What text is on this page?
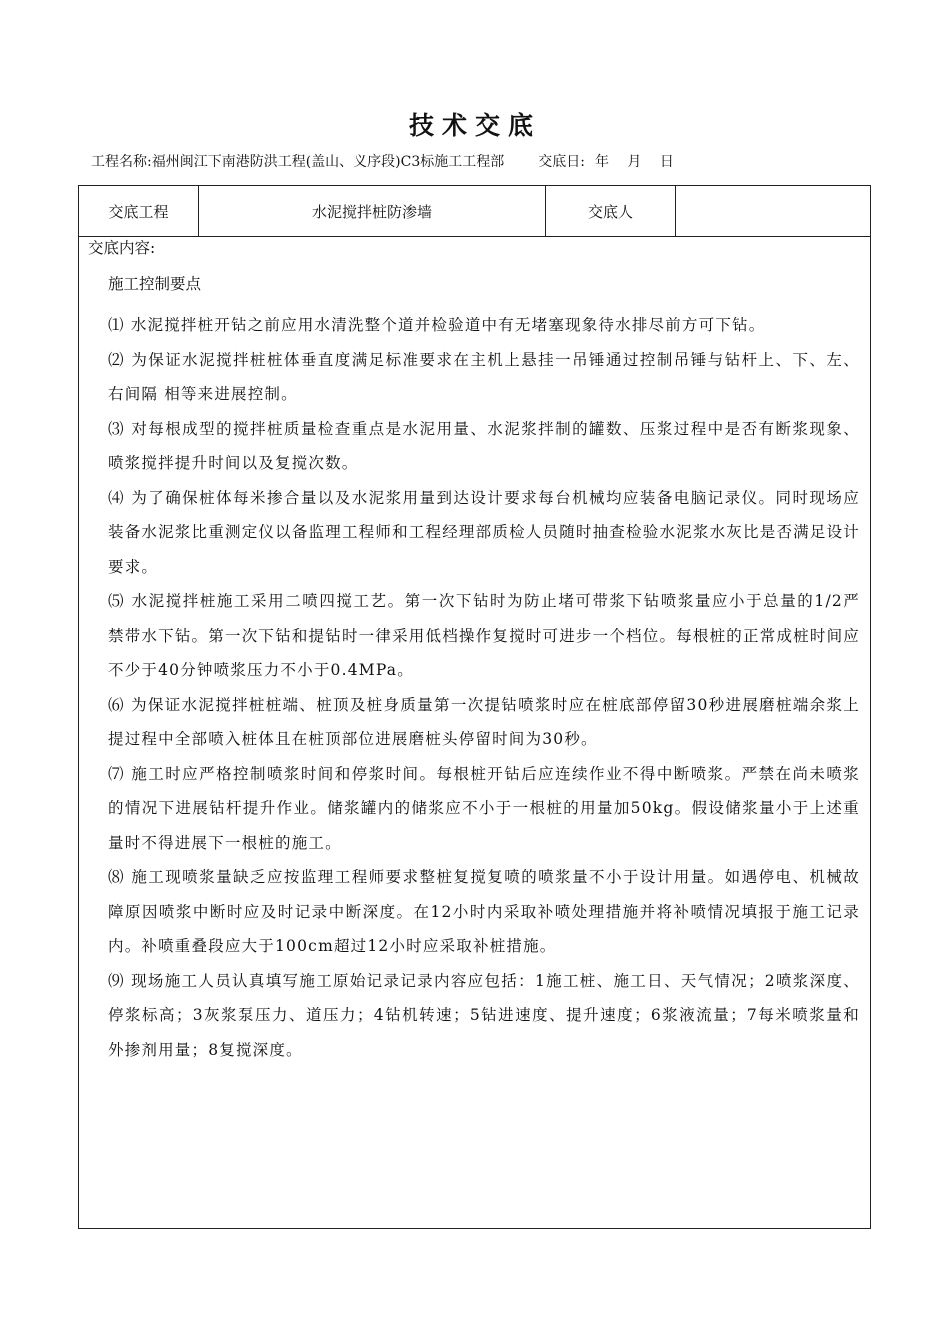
技术交底
工程名称:福州闽江下南港防洪工程(盖山、义序段)C3标施工工程部 交底日: 年 月 日
交底工程	水泥搅拌桩防渗墙	交底人
交底内容:
施工控制要点

⑴ 水泥搅拌桩开钻之前应用水清洗整个道并检验道中有无堵塞现象待水排尽前方可下钻。

⑵ 为保证水泥搅拌桩桩体垂直度满足标准要求在主机上悬挂一吊锤通过控制吊锤与钻杆上、下、左、右间隔 相等来进展控制。

⑶ 对每根成型的搅拌桩质量检查重点是水泥用量、水泥浆拌制的罐数、压浆过程中是否有断浆现象、喷浆搅拌提升时间以及复搅次数。

⑷ 为了确保桩体每米掺合量以及水泥浆用量到达设计要求每台机械均应装备电脑记录仪。同时现场应装备水泥浆比重测定仪以备监理工程师和工程经理部质检人员随时抽查检验水泥浆水灰比是否满足设计要求。

⑸ 水泥搅拌桩施工采用二喷四搅工艺。第一次下钻时为防止堵可带浆下钻喷浆量应小于总量的1/2严禁带水下钻。第一次下钻和提钻时一律采用低档操作复搅时可进步一个档位。每根桩的正常成桩时间应不少于40分钟喷浆压力不小于0.4MPa。

⑹ 为保证水泥搅拌桩桩端、桩顶及桩身质量第一次提钻喷浆时应在桩底部停留30秒进展磨桩端余浆上提过程中全部喷入桩体且在桩顶部位进展磨桩头停留时间为30秒。

⑺ 施工时应严格控制喷浆时间和停浆时间。每根桩开钻后应连续作业不得中断喷浆。严禁在尚未喷浆的情况下进展钻杆提升作业。储浆罐内的储浆应不小于一根桩的用量加50kg。假设储浆量小于上述重量时不得进展下一根桩的施工。

⑻ 施工现喷浆量缺乏应按监理工程师要求整桩复搅复喷的喷浆量不小于设计用量。如遇停电、机械故障原因喷浆中断时应及时记录中断深度。在12小时内采取补喷处理措施并将补喷情况填报于施工记录内。补喷重叠段应大于100cm超过12小时应采取补桩措施。

⑼ 现场施工人员认真填写施工原始记录记录内容应包括：1施工桩、施工日、天气情况；2喷浆深度、停浆标高；3灰浆泵压力、道压力；4钻机转速；5钻进速度、提升速度；6浆液流量；7每米喷浆量和外掺剂用量；8复搅深度。
